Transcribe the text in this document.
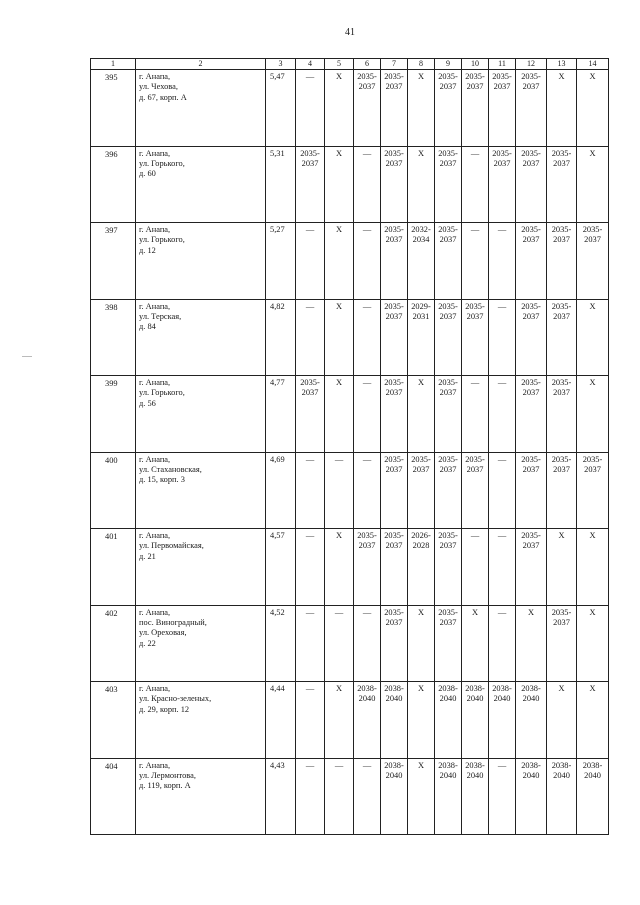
41
1	2	3	4	5	6	7	8	9	10	11	12	13	14
395	г. Анапа,
ул. Чехова,
д. 67, корп. А	5,47	—	X	2035-
2037	2035-
2037	X	2035-
2037	2035-
2037	2035-
2037	2035-
2037	X	X

396	г. Анапа,
ул. Горького,
д. 60	5,31	2035-
2037	X	—	2035-
2037	X	2035-
2037	—	2035-
2037	2035-
2037	2035-
2037	X

397	г. Анапа,
ул. Горького,
д. 12	5,27	—	X	—	2035-
2037	2032-
2034	2035-
2037	—	—	2035-
2037	2035-
2037	2035-
2037

398	г. Анапа,
ул. Терская,
д. 84	4,82	—	X	—	2035-
2037	2029-
2031	2035-
2037	2035-
2037	—	2035-
2037	2035-
2037	X

399	г. Анапа,
ул. Горького,
д. 56	4,77	2035-
2037	X	—	2035-
2037	X	2035-
2037	—	—	2035-
2037	2035-
2037	X

400	г. Анапа,
ул. Стахановская,
д. 15, корп. 3	4,69	—	—	—	2035-
2037	2035-
2037	2035-
2037	2035-
2037	—	2035-
2037	2035-
2037	2035-
2037

401	г. Анапа,
ул. Первомайская,
д. 21	4,57	—	X	2035-
2037	2035-
2037	2026-
2028	2035-
2037	—	—	2035-
2037	X	X

402	г. Анапа,
пос. Виноградный,
ул. Ореховая,
д. 22	4,52	—	—	—	2035-
2037	X	2035-
2037	X	—	X	2035-
2037	X

403	г. Анапа,
ул. Красно-зеленых,
д. 29, корп. 12	4,44	—	X	2038-
2040	2038-
2040	X	2038-
2040	2038-
2040	2038-
2040	2038-
2040	X	X

404	г. Анапа,
ул. Лермонтова,
д. 119, корп. А	4,43	—	—	—	2038-
2040	X	2038-
2040	2038-
2040	—	2038-
2040	2038-
2040	2038-
2040
